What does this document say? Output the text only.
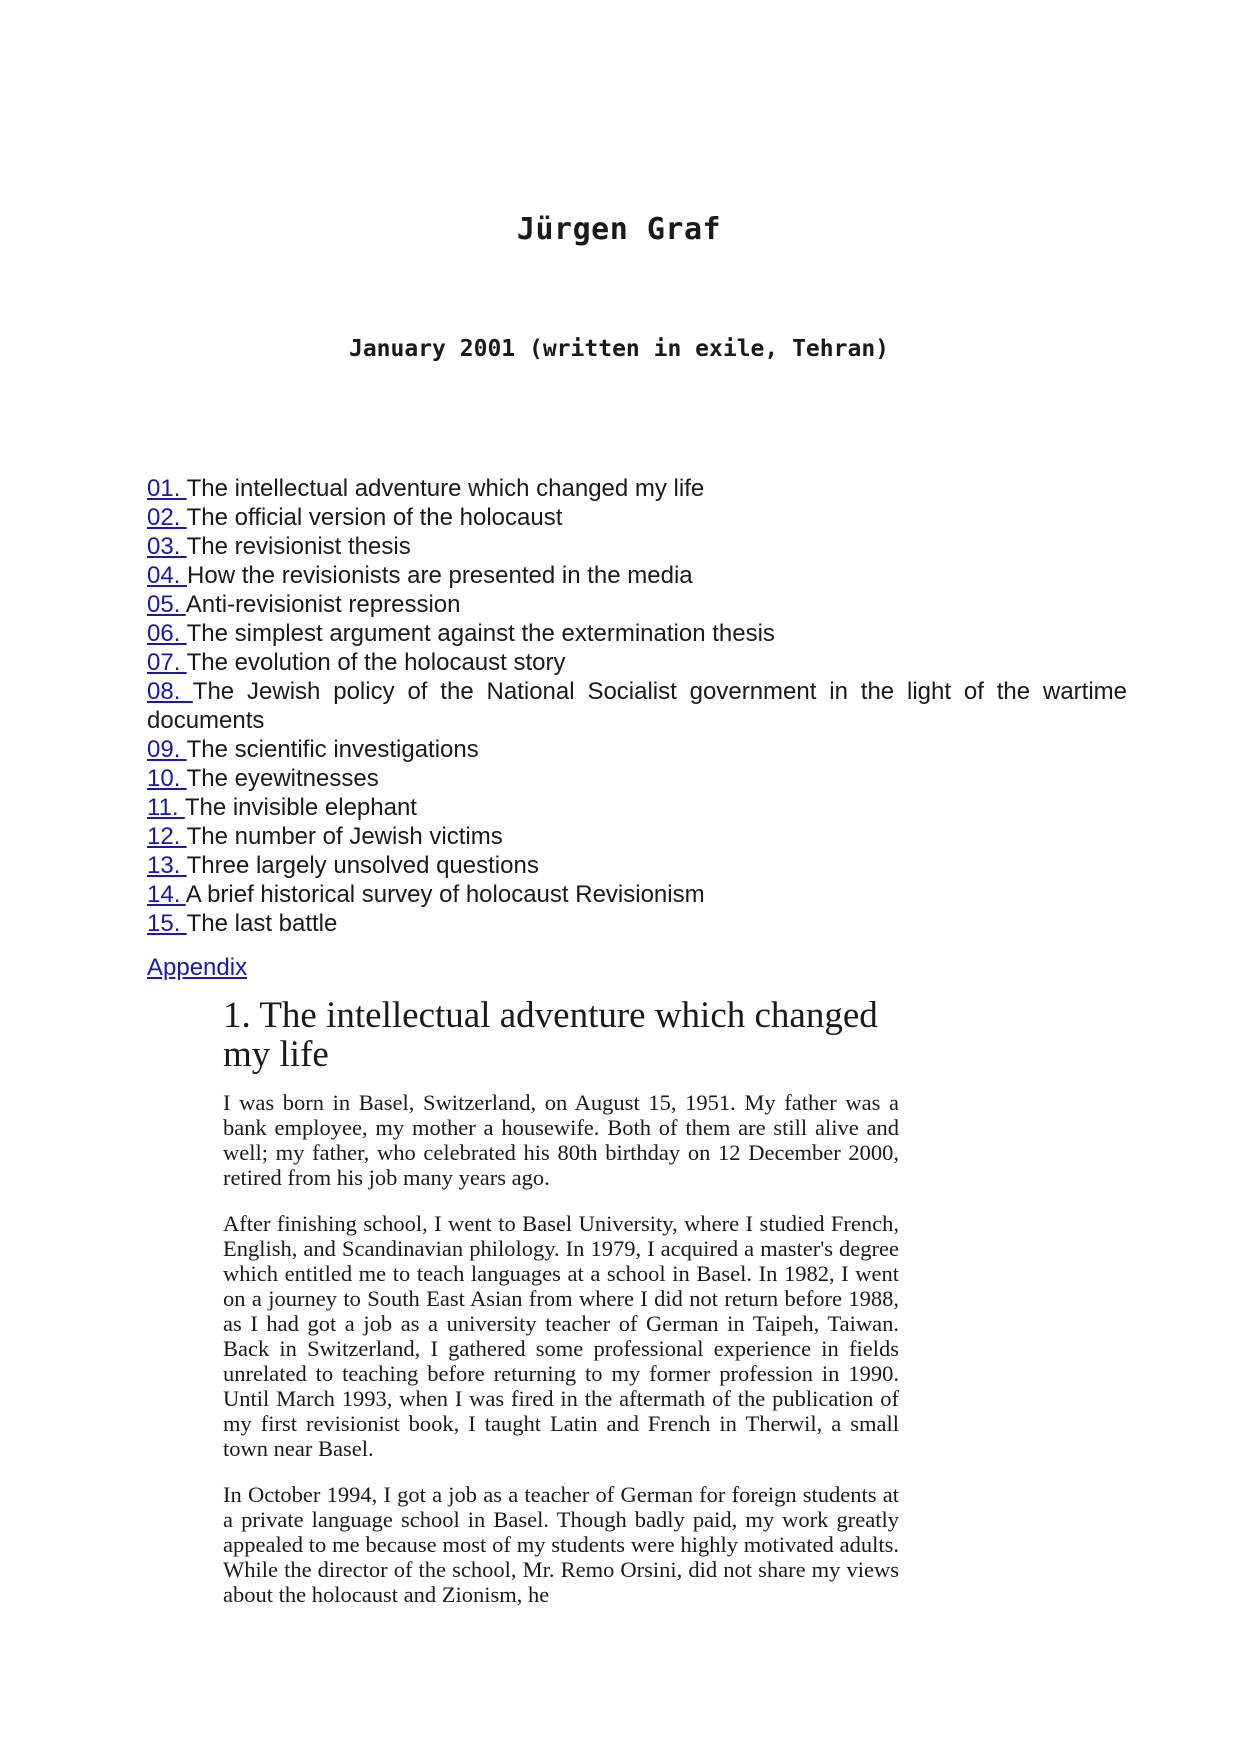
Jürgen Graf
January 2001 (written in exile, Tehran)
01. The intellectual adventure which changed my life
02. The official version of the holocaust
03. The revisionist thesis
04. How the revisionists are presented in the media
05. Anti-revisionist repression
06. The simplest argument against the extermination thesis
07. The evolution of the holocaust story
08. The Jewish policy of the National Socialist government in the light of the wartime documents
09. The scientific investigations
10. The eyewitnesses
11. The invisible elephant
12. The number of Jewish victims
13. Three largely unsolved questions
14. A brief historical survey of holocaust Revisionism
15. The last battle

Appendix

1. The intellectual adventure which changed my life

I was born in Basel, Switzerland, on August 15, 1951. My father was a bank employee, my mother a housewife. Both of them are still alive and well; my father, who celebrated his 80th birthday on 12 December 2000, retired from his job many years ago.

After finishing school, I went to Basel University, where I studied French, English, and Scandinavian philology. In 1979, I acquired a master's degree which entitled me to teach languages at a school in Basel. In 1982, I went on a journey to South East Asian from where I did not return before 1988, as I had got a job as a university teacher of German in Taipeh, Taiwan. Back in Switzerland, I gathered some professional experience in fields unrelated to teaching before returning to my former profession in 1990. Until March 1993, when I was fired in the aftermath of the publication of my first revisionist book, I taught Latin and French in Therwil, a small town near Basel.

In October 1994, I got a job as a teacher of German for foreign students at a private language school in Basel. Though badly paid, my work greatly appealed to me because most of my students were highly motivated adults. While the director of the school, Mr. Remo Orsini, did not share my views about the holocaust and Zionism, he
